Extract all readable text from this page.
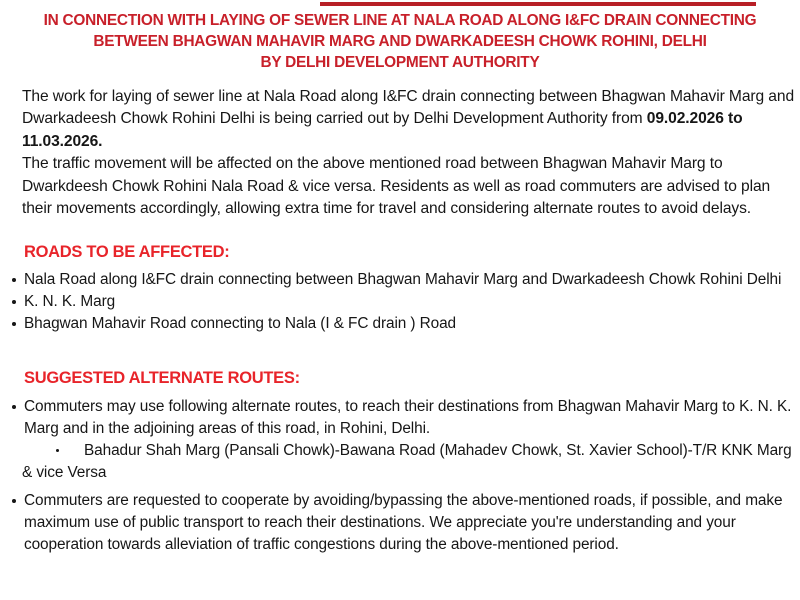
IN CONNECTION WITH LAYING OF SEWER LINE AT NALA ROAD ALONG I&FC DRAIN CONNECTING
BETWEEN BHAGWAN MAHAVIR MARG AND DWARKADEESH CHOWK ROHINI, DELHI
BY DELHI DEVELOPMENT AUTHORITY

The work for laying of sewer line at Nala Road along I&FC drain connecting between Bhagwan Mahavir Marg and Dwarkadeesh Chowk Rohini Delhi is being carried out by Delhi Development Authority from 09.02.2026 to 11.03.2026.

The traffic movement will be affected on the above mentioned road between Bhagwan Mahavir Marg to Dwarkdeesh Chowk Rohini Nala Road & vice versa. Residents as well as road commuters are advised to plan their movements accordingly, allowing extra time for travel and considering alternate routes to avoid delays.

ROADS TO BE AFFECTED:

Nala Road along I&FC drain connecting between Bhagwan Mahavir Marg and Dwarkadeesh Chowk Rohini Delhi
K. N. K. Marg
Bhagwan Mahavir Road connecting to Nala (I & FC drain ) Road

SUGGESTED ALTERNATE ROUTES:

Commuters may use following alternate routes, to reach their destinations from Bhagwan Mahavir Marg to K. N. K. Marg and in the adjoining areas of this road, in Rohini, Delhi.
Bahadur Shah Marg (Pansali Chowk)-Bawana Road (Mahadev Chowk, St. Xavier School)-T/R KNK Marg & vice Versa
Commuters are requested to cooperate by avoiding/bypassing the above-mentioned roads, if possible, and make maximum use of public transport to reach their destinations. We appreciate you're understanding and your cooperation towards alleviation of traffic congestions during the above-mentioned period.
